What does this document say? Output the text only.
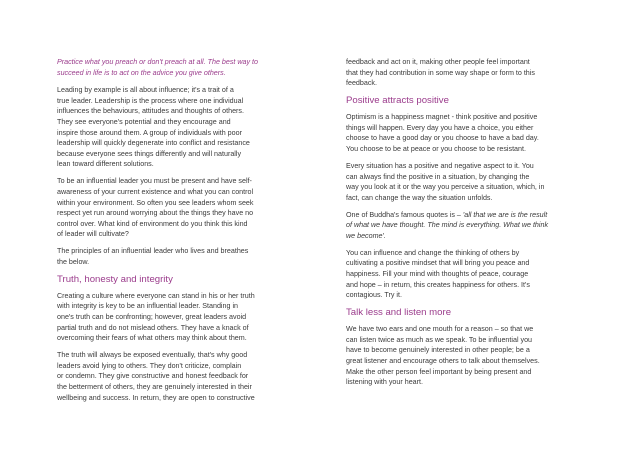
Practice what you preach or don't preach at all. The best way to
succeed in life is to act on the advice you give others.

Leading by example is all about influence; it's a trait of a
true leader. Leadership is the process where one individual
influences the behaviours, attitudes and thoughts of others.
They see everyone's potential and they encourage and
inspire those around them. A group of individuals with poor
leadership will quickly degenerate into conflict and resistance
because everyone sees things differently and will naturally
lean toward different solutions.

To be an influential leader you must be present and have self-
awareness of your current existence and what you can control
within your environment. So often you see leaders whom seek
respect yet run around worrying about the things they have no
control over. What kind of environment do you think this kind
of leader will cultivate?

The principles of an influential leader who lives and breathes
the below.

Truth, honesty and integrity

Creating a culture where everyone can stand in his or her truth
with integrity is key to be an influential leader. Standing in
one's truth can be confronting; however, great leaders avoid
partial truth and do not mislead others. They have a knack of
overcoming their fears of what others may think about them.

The truth will always be exposed eventually, that's why good
leaders avoid lying to others. They don't criticize, complain
or condemn. They give constructive and honest feedback for
the betterment of others, they are genuinely interested in their
wellbeing and success. In return, they are open to constructive

feedback and act on it, making other people feel important
that they had contribution in some way shape or form to this
feedback.

Positive attracts positive

Optimism is a happiness magnet - think positive and positive
things will happen. Every day you have a choice, you either
choose to have a good day or you choose to have a bad day.
You choose to be at peace or you choose to be resistant.

Every situation has a positive and negative aspect to it. You
can always find the positive in a situation, by changing the
way you look at it or the way you perceive a situation, which, in
fact, can change the way the situation unfolds.

One of Buddha's famous quotes is – 'all that we are is the result
of what we have thought. The mind is everything. What we think
we become'.

You can influence and change the thinking of others by
cultivating a positive mindset that will bring you peace and
happiness. Fill your mind with thoughts of peace, courage
and hope – in return, this creates happiness for others. It's
contagious. Try it.

Talk less and listen more

We have two ears and one mouth for a reason – so that we
can listen twice as much as we speak. To be influential you
have to become genuinely interested in other people; be a
great listener and encourage others to talk about themselves.
Make the other person feel important by being present and
listening with your heart.
